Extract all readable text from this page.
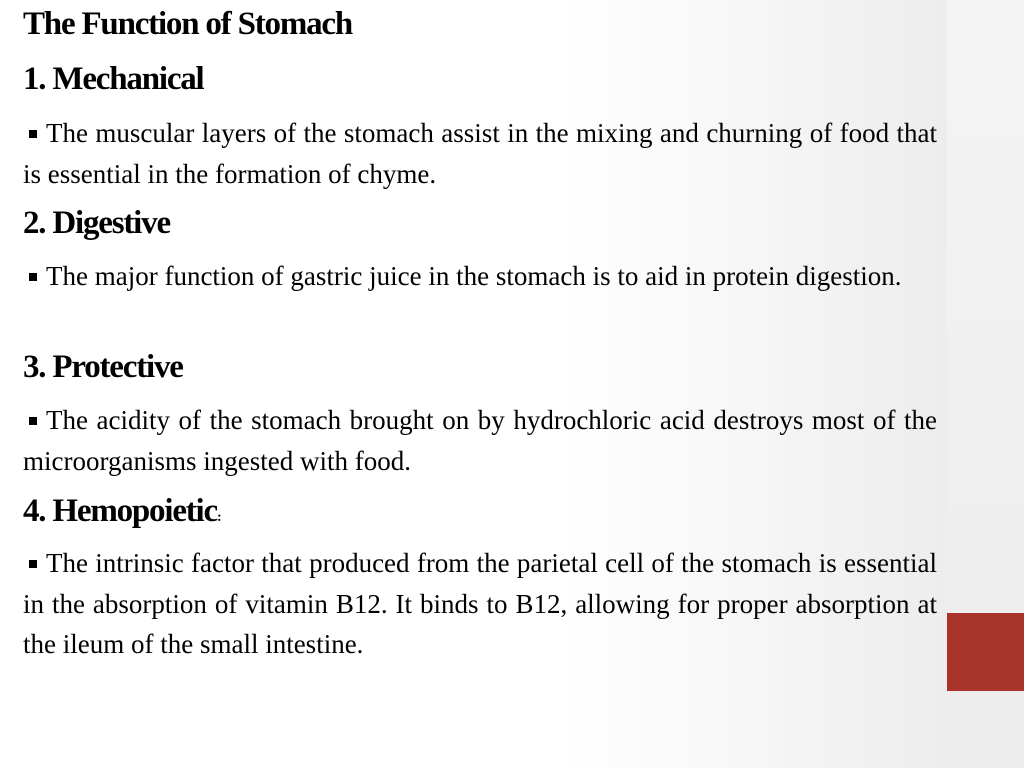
The Function of Stomach
1. Mechanical

The muscular layers of the stomach assist in the mixing and churning of food that is essential in the formation of chyme.

2. Digestive

The major function of gastric juice in the stomach is to aid in protein digestion.

3. Protective

The acidity of the stomach brought on by hydrochloric acid destroys most of the microorganisms ingested with food.

4. Hemopoietic:

The intrinsic factor that produced from the parietal cell of the stomach is essential in the absorption of vitamin B12. It binds to B12, allowing for proper absorption at the ileum of the small intestine.
